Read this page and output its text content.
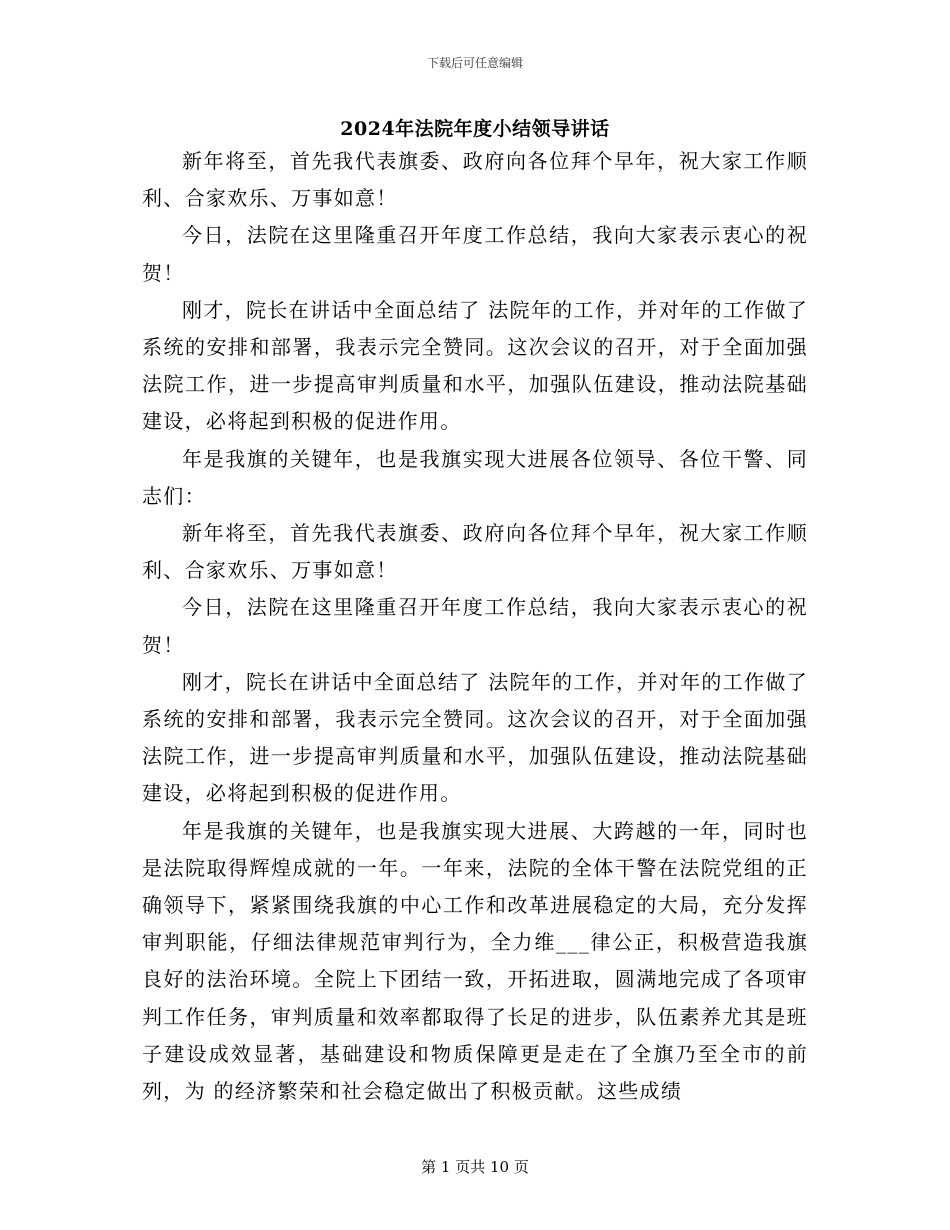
下载后可任意编辑
2024年法院年度小结领导讲话

新年将至，首先我代表旗委、政府向各位拜个早年，祝大家工作顺利、合家欢乐、万事如意！

今日，法院在这里隆重召开年度工作总结，我向大家表示衷心的祝贺！

刚才，院长在讲话中全面总结了 法院年的工作，并对年的工作做了系统的安排和部署，我表示完全赞同。这次会议的召开，对于全面加强 法院工作，进一步提高审判质量和水平，加强队伍建设，推动法院基础建设，必将起到积极的促进作用。

年是我旗的关键年，也是我旗实现大进展各位领导、各位干警、同志们：

新年将至，首先我代表旗委、政府向各位拜个早年，祝大家工作顺利、合家欢乐、万事如意！

今日，法院在这里隆重召开年度工作总结，我向大家表示衷心的祝贺！

刚才，院长在讲话中全面总结了 法院年的工作，并对年的工作做了系统的安排和部署，我表示完全赞同。这次会议的召开，对于全面加强 法院工作，进一步提高审判质量和水平，加强队伍建设，推动法院基础建设，必将起到积极的促进作用。

年是我旗的关键年，也是我旗实现大进展、大跨越的一年，同时也是法院取得辉煌成就的一年。一年来，法院的全体干警在法院党组的正确领导下，紧紧围绕我旗的中心工作和改革进展稳定的大局，充分发挥审判职能，仔细法律规范审判行为，全力维___律公正，积极营造我旗良好的法治环境。全院上下团结一致，开拓进取，圆满地完成了各项审判工作任务，审判质量和效率都取得了长足的进步，队伍素养尤其是班子建设成效显著，基础建设和物质保障更是走在了全旗乃至全市的前列，为 的经济繁荣和社会稳定做出了积极贡献。这些成绩

第 1 页共 10 页
